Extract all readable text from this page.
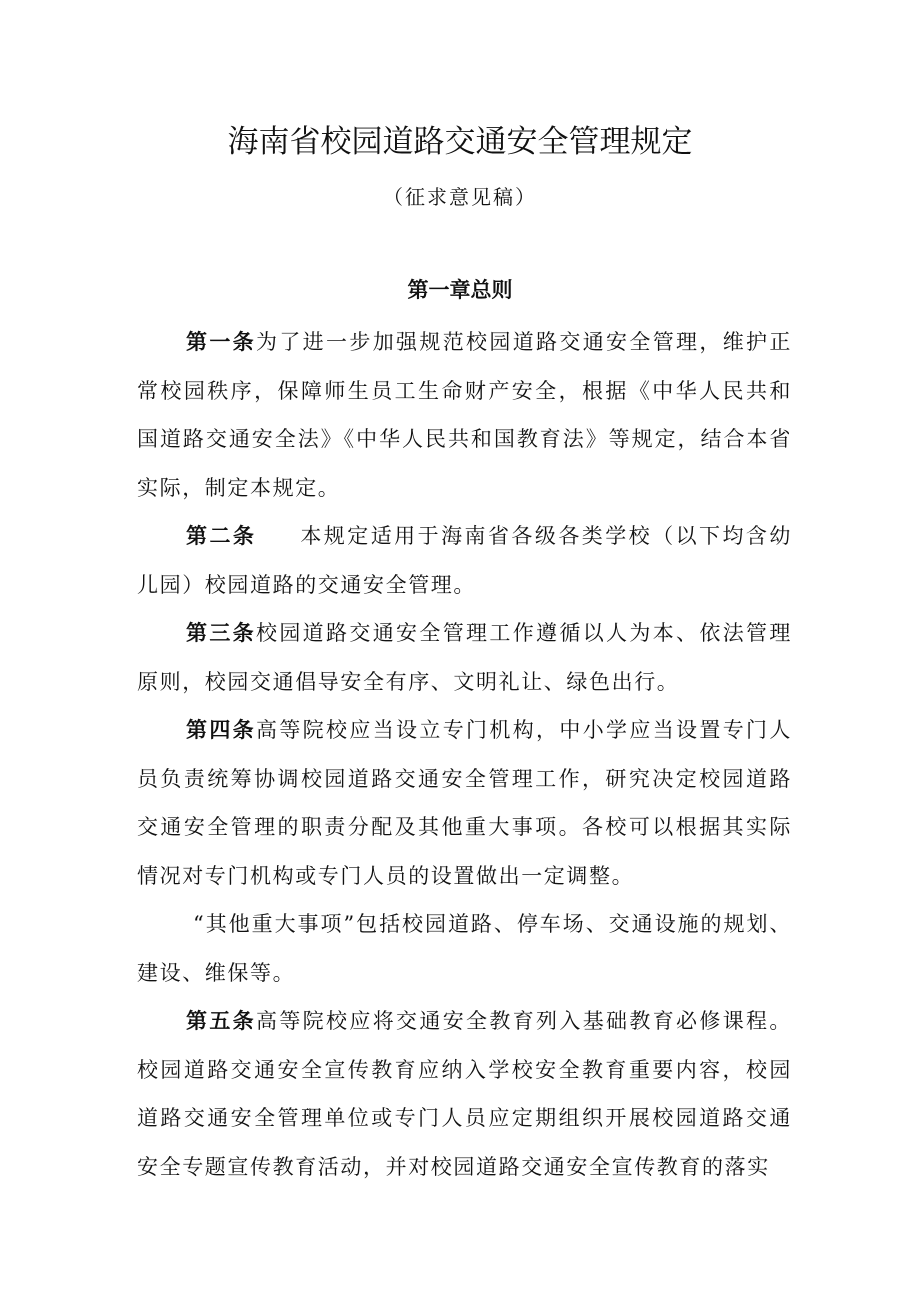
海南省校园道路交通安全管理规定
（征求意见稿）
第一章总则

第一条为了进一步加强规范校园道路交通安全管理，维护正常校园秩序，保障师生员工生命财产安全，根据《中华人民共和国道路交通安全法》《中华人民共和国教育法》等规定，结合本省实际，制定本规定。

第二条 本规定适用于海南省各级各类学校（以下均含幼儿园）校园道路的交通安全管理。

第三条校园道路交通安全管理工作遵循以人为本、依法管理原则，校园交通倡导安全有序、文明礼让、绿色出行。

第四条高等院校应当设立专门机构，中小学应当设置专门人员负责统筹协调校园道路交通安全管理工作，研究决定校园道路交通安全管理的职责分配及其他重大事项。各校可以根据其实际情况对专门机构或专门人员的设置做出一定调整。

“其他重大事项”包括校园道路、停车场、交通设施的规划、建设、维保等。

第五条高等院校应将交通安全教育列入基础教育必修课程。校园道路交通安全宣传教育应纳入学校安全教育重要内容，校园道路交通安全管理单位或专门人员应定期组织开展校园道路交通安全专题宣传教育活动，并对校园道路交通安全宣传教育的落实
